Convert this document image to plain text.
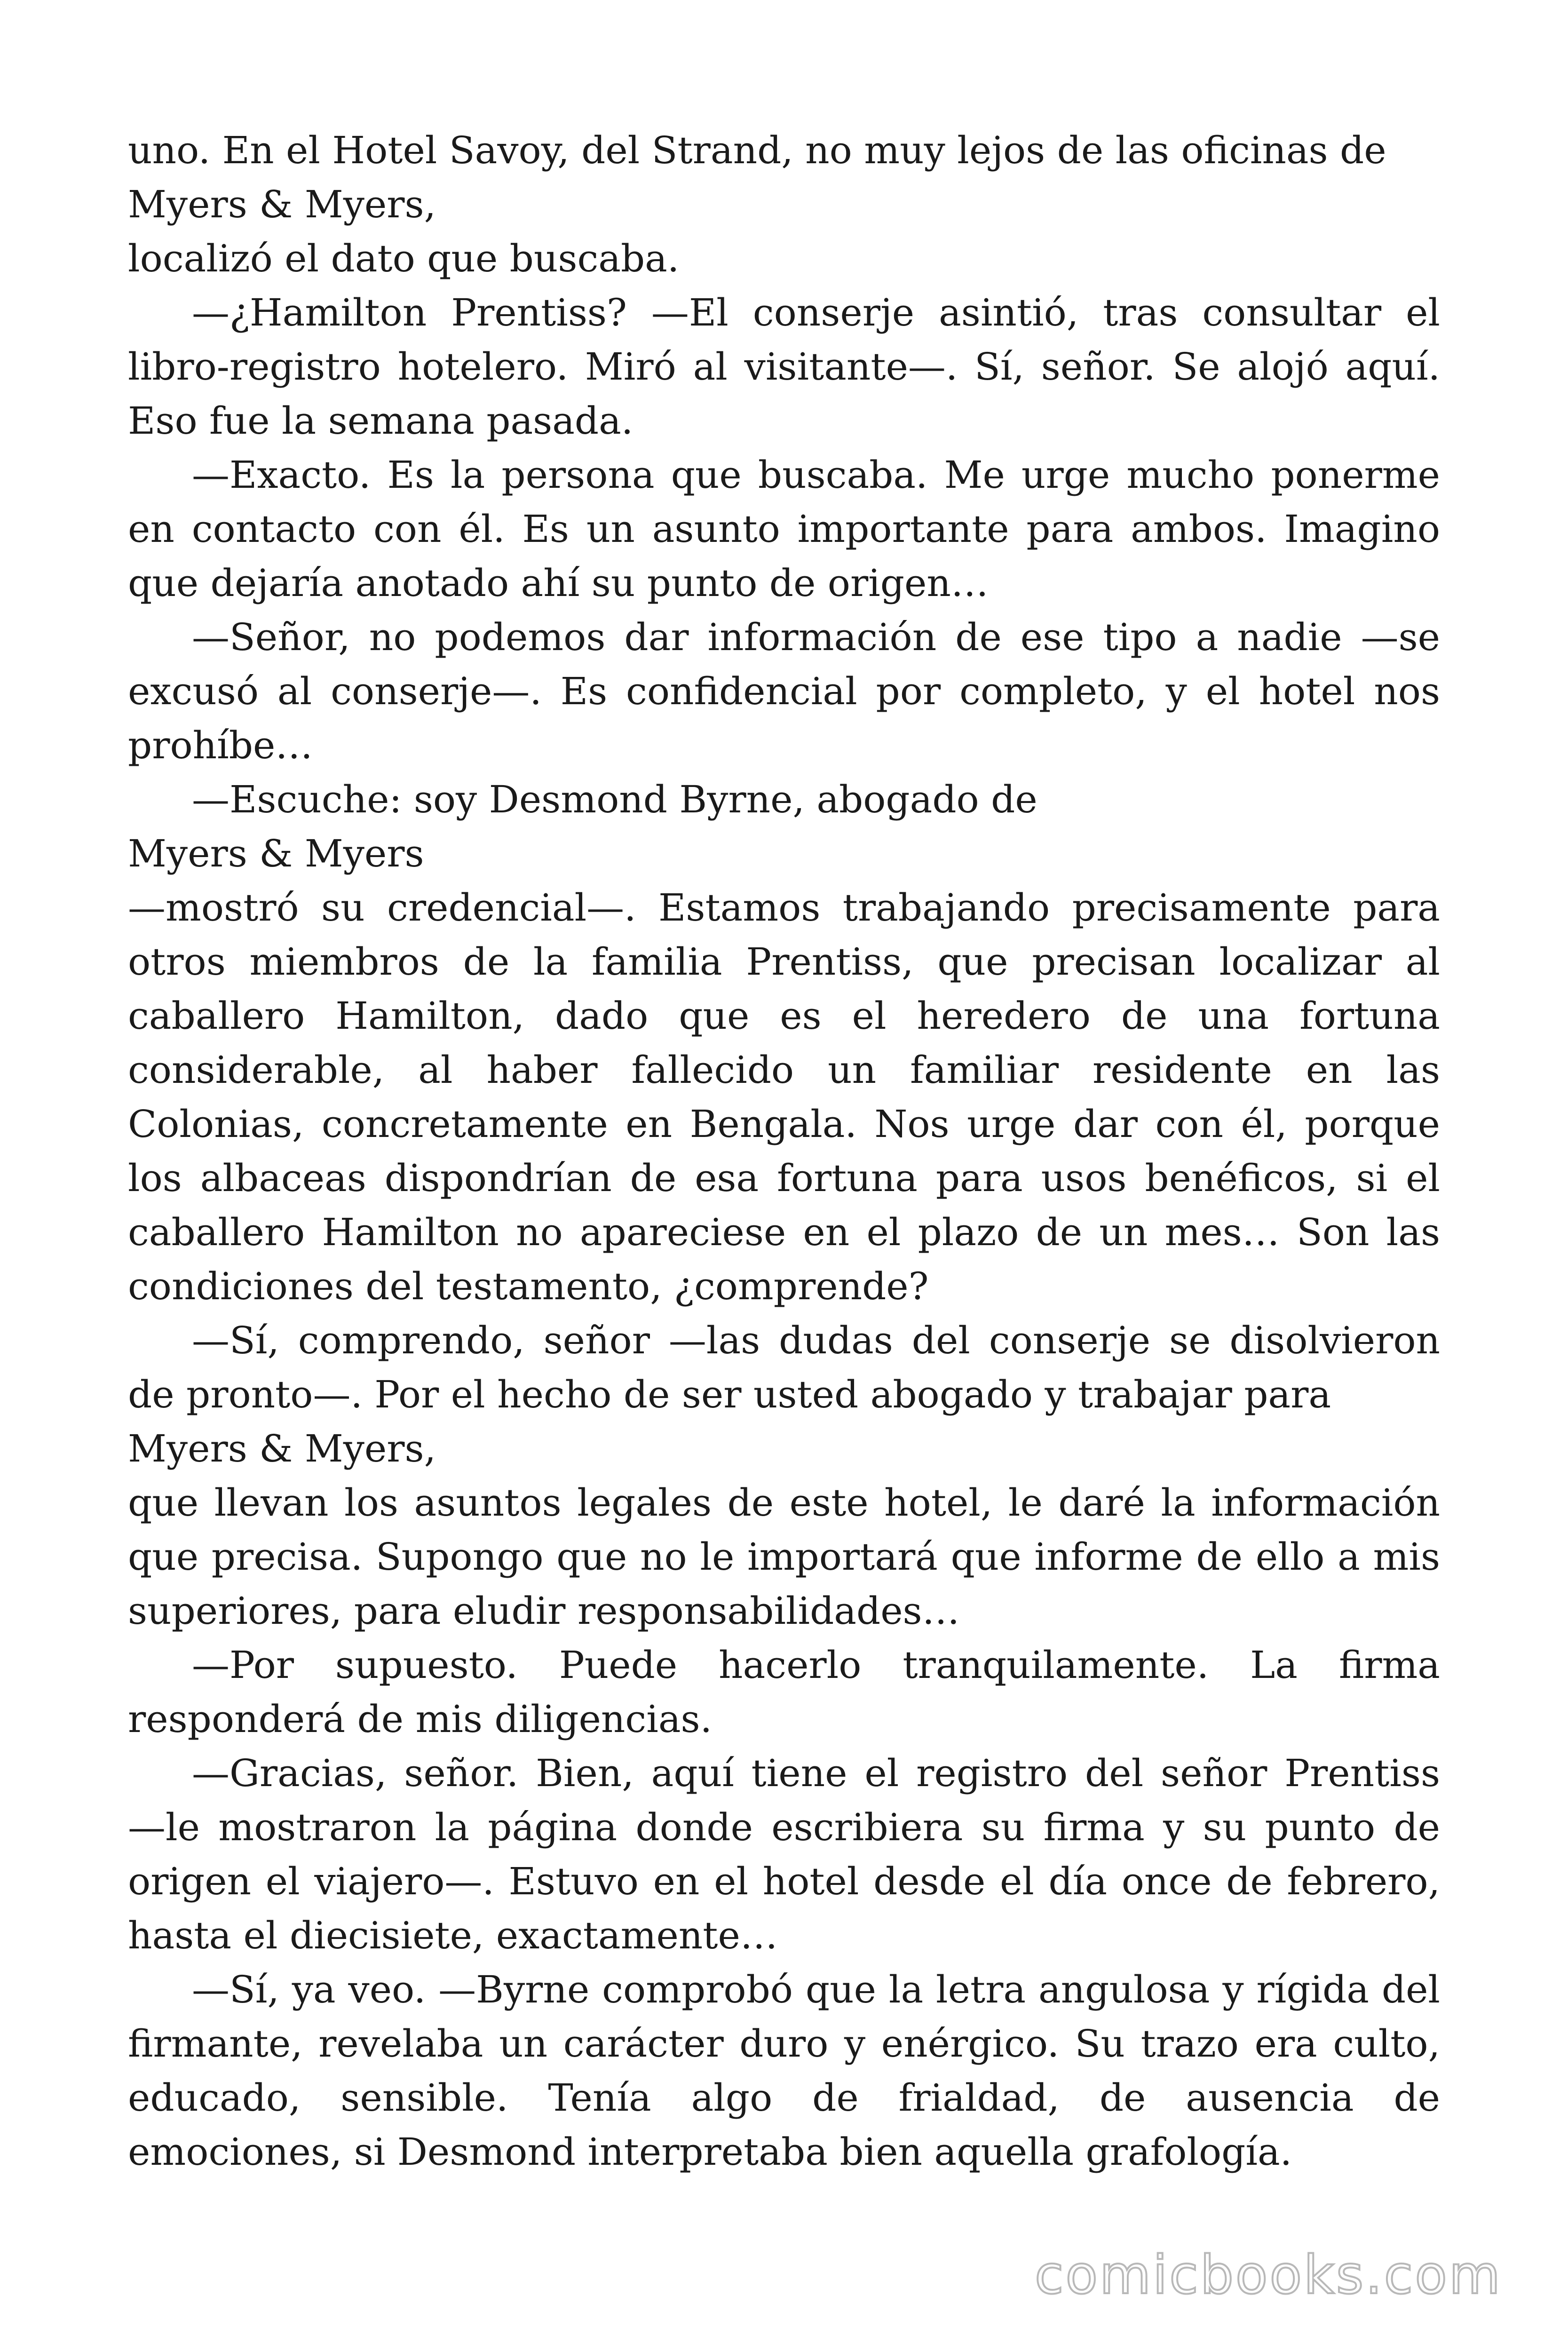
uno. En el Hotel Savoy, del Strand, no muy lejos de las oficinas de

Myers & Myers,

localizó el dato que buscaba.

—¿Hamilton Prentiss? —El conserje asintió, tras consultar el libro-registro hotelero. Miró al visitante—. Sí, señor. Se alojó aquí. Eso fue la semana pasada.

—Exacto. Es la persona que buscaba. Me urge mucho ponerme en contacto con él. Es un asunto importante para ambos. Imagino que dejaría anotado ahí su punto de origen…

—Señor, no podemos dar información de ese tipo a nadie —se excusó al conserje—. Es confidencial por completo, y el hotel nos prohíbe…

—Escuche: soy Desmond Byrne, abogado de

Myers & Myers

—mostró su credencial—. Estamos trabajando precisamente para otros miembros de la familia Prentiss, que precisan localizar al caballero Hamilton, dado que es el heredero de una fortuna considerable, al haber fallecido un familiar residente en las Colonias, concretamente en Bengala. Nos urge dar con él, porque los albaceas dispondrían de esa fortuna para usos benéficos, si el caballero Hamilton no apareciese en el plazo de un mes… Son las condiciones del testamento, ¿comprende?

—Sí, comprendo, señor —las dudas del conserje se disolvieron de pronto—. Por el hecho de ser usted abogado y trabajar para

Myers & Myers,

que llevan los asuntos legales de este hotel, le daré la información que precisa. Supongo que no le importará que informe de ello a mis superiores, para eludir responsabilidades…

—Por supuesto. Puede hacerlo tranquilamente. La firma responderá de mis diligencias.

—Gracias, señor. Bien, aquí tiene el registro del señor Prentiss —le mostraron la página donde escribiera su firma y su punto de origen el viajero—. Estuvo en el hotel desde el día once de febrero, hasta el diecisiete, exactamente…

—Sí, ya veo. —Byrne comprobó que la letra angulosa y rígida del firmante, revelaba un carácter duro y enérgico. Su trazo era culto, educado, sensible. Tenía algo de frialdad, de ausencia de emociones, si Desmond interpretaba bien aquella grafología.

comicbooks.com
